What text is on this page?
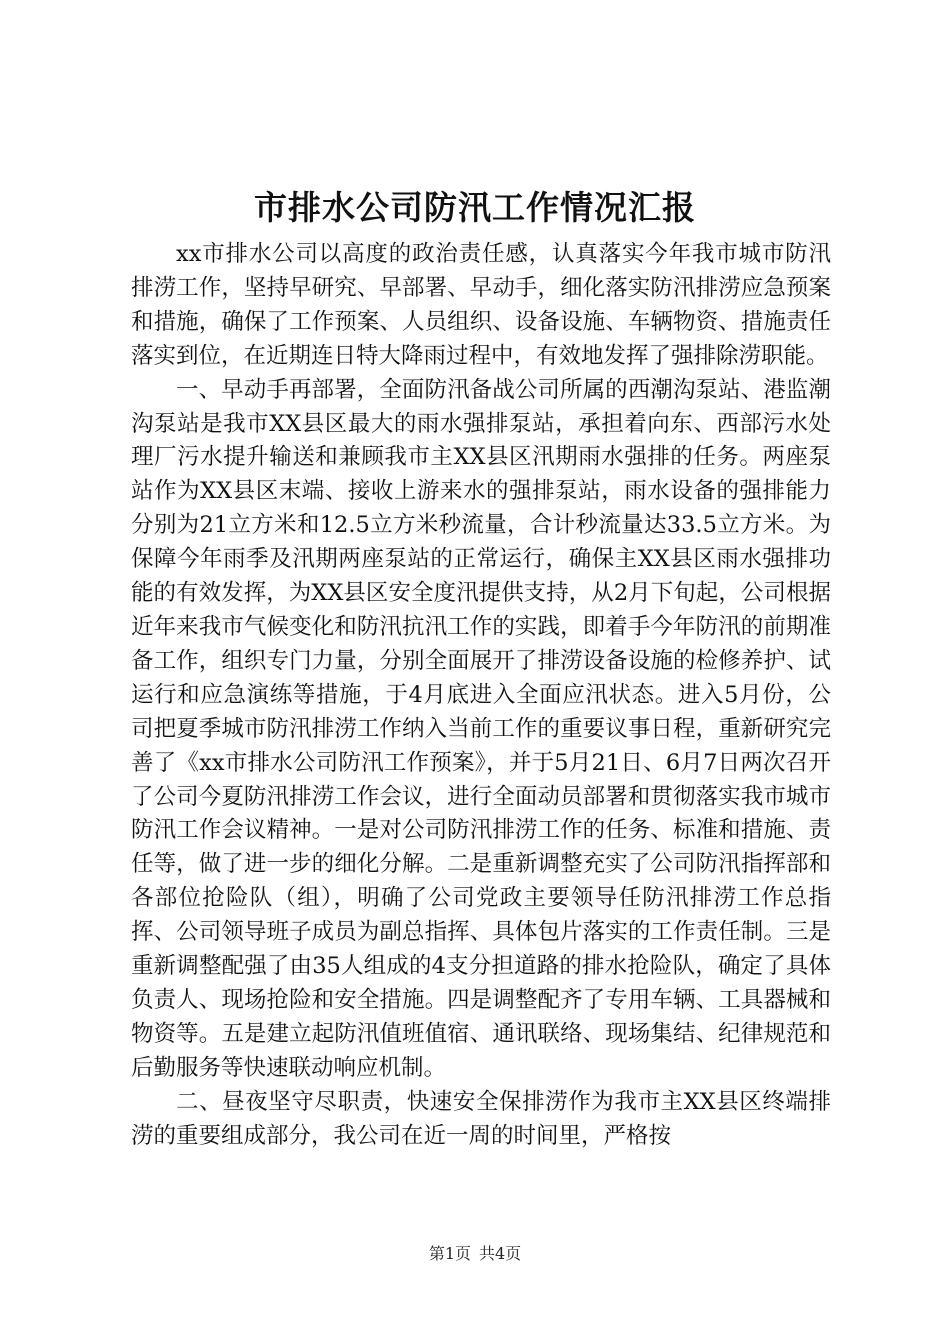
市排水公司防汛工作情况汇报

xx市排水公司以高度的政治责任感，认真落实今年我市城市防汛排涝工作，坚持早研究、早部署、早动手，细化落实防汛排涝应急预案和措施，确保了工作预案、人员组织、设备设施、车辆物资、措施责任落实到位，在近期连日特大降雨过程中，有效地发挥了强排除涝职能。

一、早动手再部署，全面防汛备战公司所属的西潮沟泵站、港监潮沟泵站是我市XX县区最大的雨水强排泵站，承担着向东、西部污水处理厂污水提升输送和兼顾我市主XX县区汛期雨水强排的任务。两座泵站作为XX县区末端、接收上游来水的强排泵站，雨水设备的强排能力分别为21立方米和12.5立方米秒流量，合计秒流量达33.5立方米。为保障今年雨季及汛期两座泵站的正常运行，确保主XX县区雨水强排功能的有效发挥，为XX县区安全度汛提供支持，从2月下旬起，公司根据近年来我市气候变化和防汛抗汛工作的实践，即着手今年防汛的前期准备工作，组织专门力量，分别全面展开了排涝设备设施的检修养护、试运行和应急演练等措施，于4月底进入全面应汛状态。进入5月份，公司把夏季城市防汛排涝工作纳入当前工作的重要议事日程，重新研究完善了《xx市排水公司防汛工作预案》，并于5月21日、6月7日两次召开了公司今夏防汛排涝工作会议，进行全面动员部署和贯彻落实我市城市防汛工作会议精神。一是对公司防汛排涝工作的任务、标准和措施、责任等，做了进一步的细化分解。二是重新调整充实了公司防汛指挥部和各部位抢险队（组），明确了公司党政主要领导任防汛排涝工作总指挥、公司领导班子成员为副总指挥、具体包片落实的工作责任制。三是重新调整配强了由35人组成的4支分担道路的排水抢险队，确定了具体负责人、现场抢险和安全措施。四是调整配齐了专用车辆、工具器械和物资等。五是建立起防汛值班值宿、通讯联络、现场集结、纪律规范和后勤服务等快速联动响应机制。

二、昼夜坚守尽职责，快速安全保排涝作为我市主XX县区终端排涝的重要组成部分，我公司在近一周的时间里，严格按

第1页 共4页
